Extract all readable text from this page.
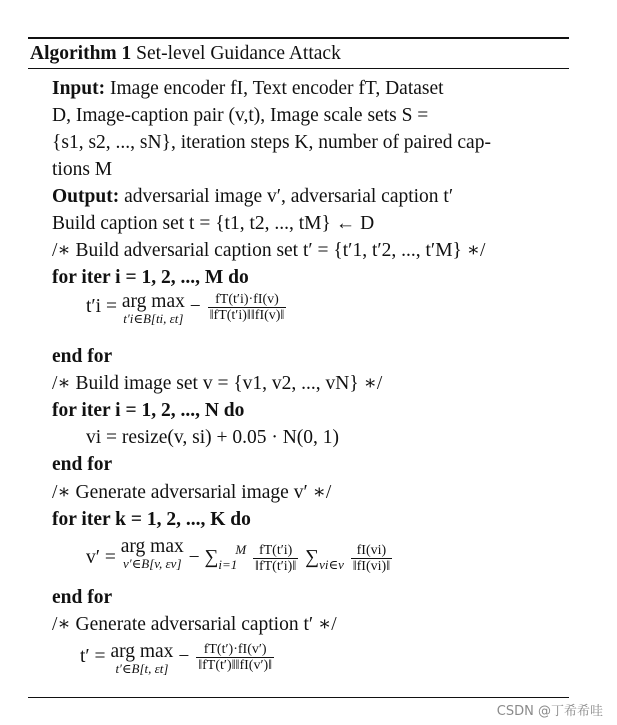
Algorithm 1 Set-level Guidance Attack
Input: Image encoder fI, Text encoder fT, Dataset
D, Image-caption pair (v,t), Image scale sets S =
{s1, s2, ..., sN}, iteration steps K, number of paired cap-
tions M
Output: adversarial image v′, adversarial caption t′
Build caption set t = {t1, t2, ..., tM} ← D
/∗ Build adversarial caption set t′ = {t′1, t′2, ..., t′M} ∗/
for iter i = 1, 2, ..., M do
t′i = arg max
t′i∈B[ti, εt]
− $\frac{fT(t'i)\cdot fI(v)}{‖fT(t'i)‖‖fI(v)‖}$
end for
/∗ Build image set v = {v1, v2, ..., vN} ∗/
for iter i = 1, 2, ..., N do
vi = resize(v, si) + 0.05 · N(0, 1)
end for
/∗ Generate adversarial image v′ ∗/
for iter k = 1, 2, ..., K do
v′ = arg max
v′∈B[v, $\varepsilon v] - \sum_{i=1}^M \frac{fT(t'i)}{‖fT(t'i)‖} \sum_{vi\in v} \frac{fI(vi)}{‖fI(vi)‖}$
end for
/∗ Generate adversarial caption t′ ∗/
t′ = arg max
t′∈B[t, εt]
− $\frac{fT(t')\cdot fI(v')}{‖fT(t')‖‖fI(v')‖}$
CSDN @丁希希哇
